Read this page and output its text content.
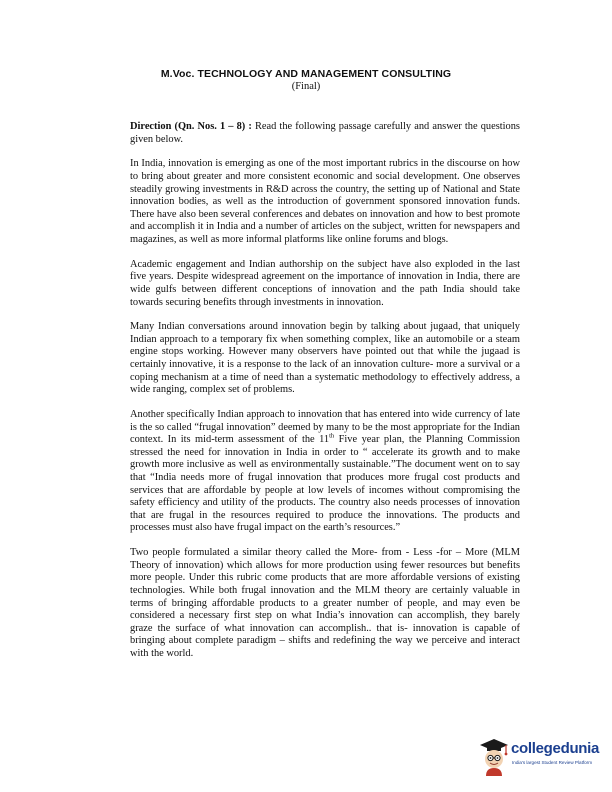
M.Voc. TECHNOLOGY AND MANAGEMENT CONSULTING
(Final)

Direction (Qn. Nos. 1 – 8) : Read the following passage carefully and answer the questions given below.

In India, innovation is emerging as one of the most important rubrics in the discourse on how to bring about greater and more consistent economic and social development. One observes steadily growing investments in R&D across the country, the setting up of National and State innovation bodies, as well as the introduction of government sponsored innovation funds. There have also been several conferences and debates on innovation and how to best promote and accomplish it in India and a number of articles on the subject, written for newspapers and magazines, as well as more informal platforms like online forums and blogs.

Academic engagement and Indian authorship on the subject have also exploded in the last five years. Despite widespread agreement on the importance of innovation in India, there are wide gulfs between different conceptions of innovation and the path India should take towards securing benefits through investments in innovation.

Many Indian conversations around innovation begin by talking about jugaad, that uniquely Indian approach to a temporary fix when something complex, like an automobile or a steam engine stops working. However many observers have pointed out that while the jugaad is certainly innovative, it is a response to the lack of an innovation culture- more a survival or a coping mechanism at a time of need than a systematic methodology to effectively address, a wide ranging, complex set of problems.

Another specifically Indian approach to innovation that has entered into wide currency of late is the so called “frugal innovation” deemed by many to be the most appropriate for the Indian context. In its mid-term assessment of the 11th Five year plan, the Planning Commission stressed the need for innovation in India in order to “ accelerate its growth and to make growth more inclusive as well as environmentally sustainable.”The document went on to say that “India needs more of frugal innovation that produces more frugal cost products and services that are affordable by people at low levels of incomes without compromising the safety efficiency and utility of the products. The country also needs processes of innovation that are frugal in the resources required to produce the innovations. The products and processes must also have frugal impact on the earth’s resources.”

Two people formulated a similar theory called the More- from - Less -for – More (MLM Theory of innovation) which allows for more production using fewer resources but benefits more people. Under this rubric come products that are more affordable versions of existing technologies. While both frugal innovation and the MLM theory are certainly valuable in terms of bringing affordable products to a greater number of people, and may even be considered a necessary first step on what India’s innovation can accomplish, they barely graze the surface of what innovation can accomplish.. that is- innovation is capable of bringing about complete paradigm – shifts and redefining the way we perceive and interact with the world.

collegedunia
India's largest Student Review Platform
